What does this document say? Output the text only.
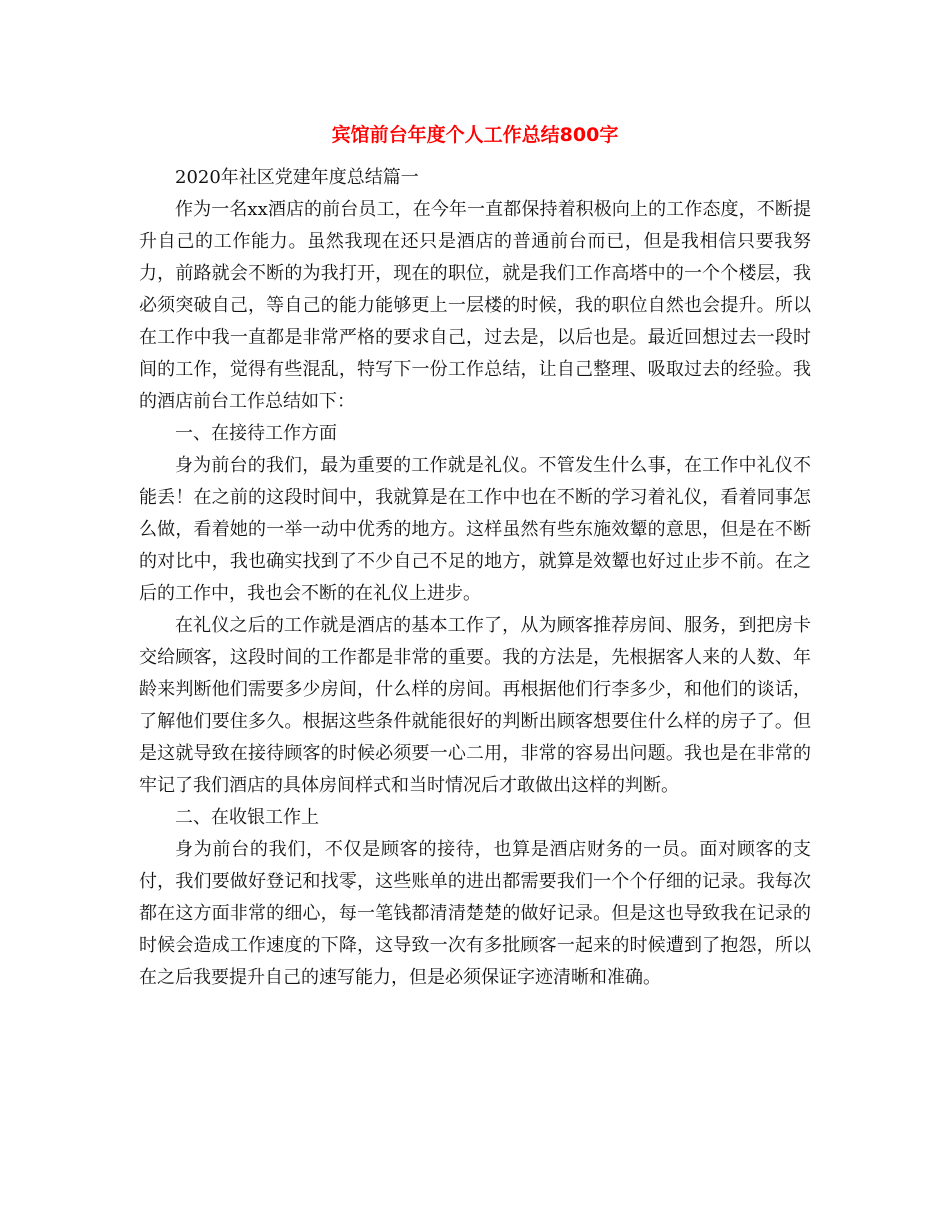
宾馆前台年度个人工作总结800字

2020年社区党建年度总结篇一

作为一名xx酒店的前台员工，在今年一直都保持着积极向上的工作态度，不断提升自己的工作能力。虽然我现在还只是酒店的普通前台而已，但是我相信只要我努力，前路就会不断的为我打开，现在的职位，就是我们工作高塔中的一个个楼层，我必须突破自己，等自己的能力能够更上一层楼的时候，我的职位自然也会提升。所以在工作中我一直都是非常严格的要求自己，过去是，以后也是。最近回想过去一段时间的工作，觉得有些混乱，特写下一份工作总结，让自己整理、吸取过去的经验。我的酒店前台工作总结如下：

一、在接待工作方面

身为前台的我们，最为重要的工作就是礼仪。不管发生什么事，在工作中礼仪不能丢！在之前的这段时间中，我就算是在工作中也在不断的学习着礼仪，看着同事怎么做，看着她的一举一动中优秀的地方。这样虽然有些东施效颦的意思，但是在不断的对比中，我也确实找到了不少自己不足的地方，就算是效颦也好过止步不前。在之后的工作中，我也会不断的在礼仪上进步。

在礼仪之后的工作就是酒店的基本工作了，从为顾客推荐房间、服务，到把房卡交给顾客，这段时间的工作都是非常的重要。我的方法是，先根据客人来的人数、年龄来判断他们需要多少房间，什么样的房间。再根据他们行李多少，和他们的谈话，了解他们要住多久。根据这些条件就能很好的判断出顾客想要住什么样的房子了。但是这就导致在接待顾客的时候必须要一心二用，非常的容易出问题。我也是在非常的牢记了我们酒店的具体房间样式和当时情况后才敢做出这样的判断。

二、在收银工作上

身为前台的我们，不仅是顾客的接待，也算是酒店财务的一员。面对顾客的支付，我们要做好登记和找零，这些账单的进出都需要我们一个个仔细的记录。我每次都在这方面非常的细心，每一笔钱都清清楚楚的做好记录。但是这也导致我在记录的时候会造成工作速度的下降，这导致一次有多批顾客一起来的时候遭到了抱怨，所以在之后我要提升自己的速写能力，但是必须保证字迹清晰和准确。
